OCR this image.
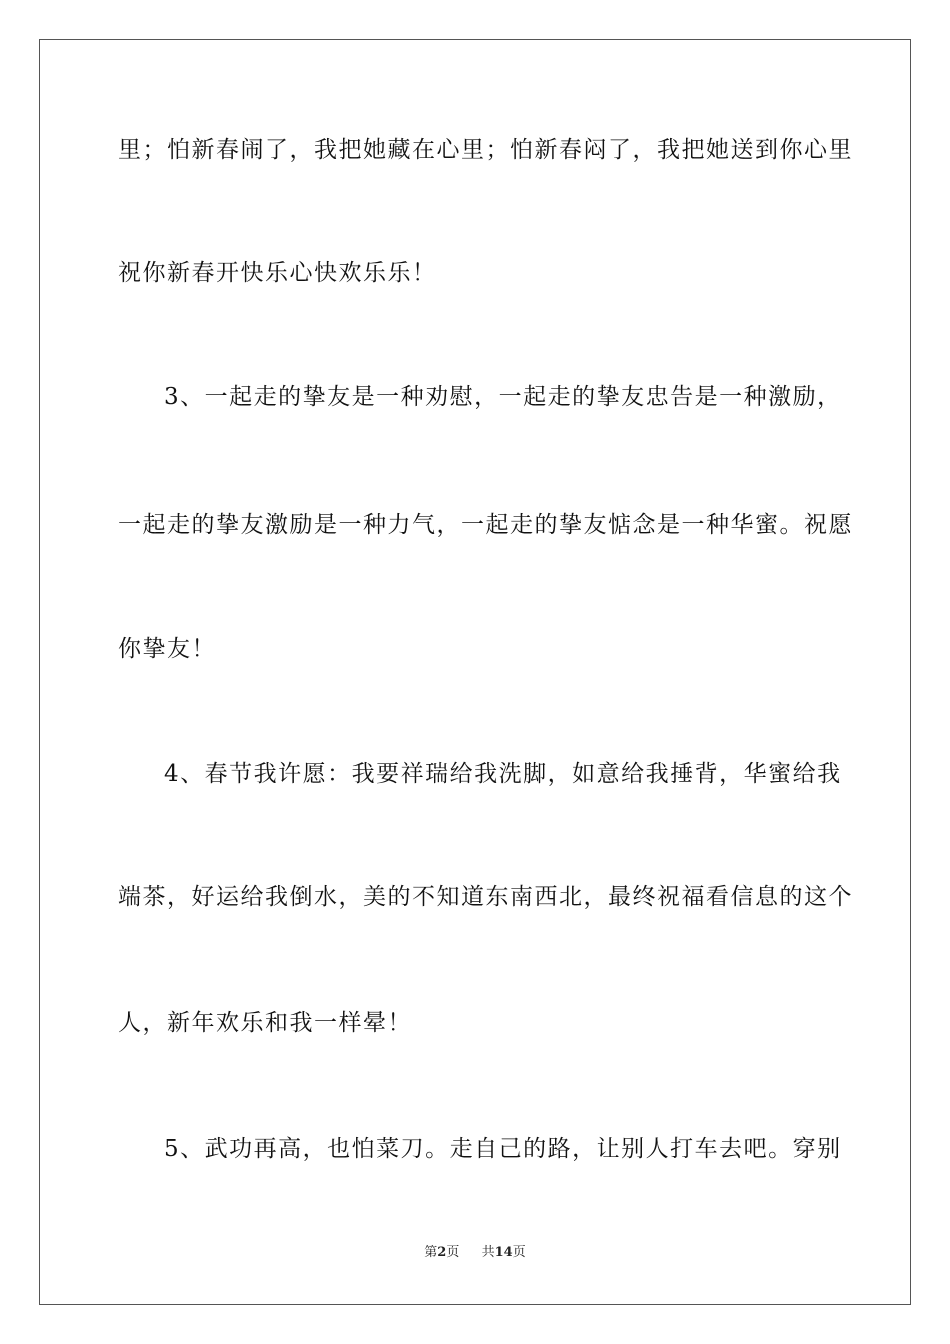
里；怕新春闹了，我把她藏在心里；怕新春闷了，我把她送到你心里
祝你新春开快乐心快欢乐乐！
3、一起走的挚友是一种劝慰，一起走的挚友忠告是一种激励，
一起走的挚友激励是一种力气，一起走的挚友惦念是一种华蜜。祝愿
你挚友！
4、春节我许愿：我要祥瑞给我洗脚，如意给我捶背，华蜜给我
端茶，好运给我倒水，美的不知道东南西北，最终祝福看信息的这个
人，新年欢乐和我一样晕！
5、武功再高，也怕菜刀。走自己的路，让别人打车去吧。穿别
第2页 共14页
